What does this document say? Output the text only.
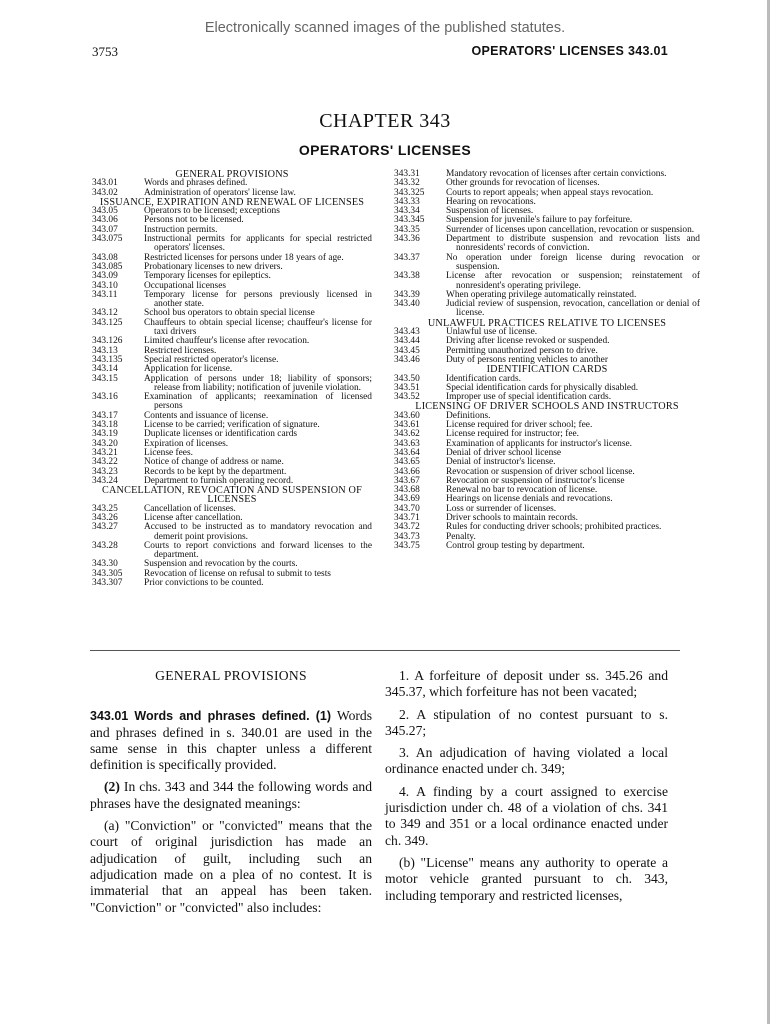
Electronically scanned images of the published statutes.
3753	OPERATORS' LICENSES 343.01
CHAPTER 343
OPERATORS' LICENSES
GENERAL PROVISIONS
343.01	Words and phrases defined.
343.02	Administration of operators' license law.
ISSUANCE, EXPIRATION AND RENEWAL OF LICENSES
343.05	Operators to be licensed; exceptions
343.06	Persons not to be licensed.
343.07	Instruction permits.
343.075	Instructional permits for applicants for special restricted operators' licenses.
343.08	Restricted licenses for persons under 18 years of age.
343.085	Probationary licenses to new drivers.
343.09	Temporary licenses for epileptics.
343.10	Occupational licenses
343.11	Temporary license for persons previously licensed in another state.
343.12	School bus operators to obtain special license
343.125	Chauffeurs to obtain special license; chauffeur's license for taxi drivers
343.126	Limited chauffeur's license after revocation.
343.13	Restricted licenses.
343.135	Special restricted operator's license.
343.14	Application for license.
343.15	Application of persons under 18; liability of sponsors; release from liability; notification of juvenile violation.
343.16	Examination of applicants; reexamination of licensed persons
343.17	Contents and issuance of license.
343.18	License to be carried; verification of signature.
343.19	Duplicate licenses or identification cards
343.20	Expiration of licenses.
343.21	License fees.
343.22	Notice of change of address or name.
343.23	Records to be kept by the department.
343.24	Department to furnish operating record.
CANCELLATION, REVOCATION AND SUSPENSION OF LICENSES
343.25	Cancellation of licenses.
343.26	License after cancellation.
343.27	Accused to be instructed as to mandatory revocation and demerit point provisions.
343.28	Courts to report convictions and forward licenses to the department.
343.30	Suspension and revocation by the courts.
343.305	Revocation of license on refusal to submit to tests
343.307	Prior convictions to be counted.
343.31	Mandatory revocation of licenses after certain convictions.
343.32	Other grounds for revocation of licenses.
343.325	Courts to report appeals; when appeal stays revocation.
343.33	Hearing on revocations.
343.34	Suspension of licenses.
343.345	Suspension for juvenile's failure to pay forfeiture.
343.35	Surrender of licenses upon cancellation, revocation or suspension.
343.36	Department to distribute suspension and revocation lists and nonresidents' records of conviction.
343.37	No operation under foreign license during revocation or suspension.
343.38	License after revocation or suspension; reinstatement of nonresident's operating privilege.
343.39	When operating privilege automatically reinstated.
343.40	Judicial review of suspension, revocation, cancellation or denial of license.
UNLAWFUL PRACTICES RELATIVE TO LICENSES
343.43	Unlawful use of license.
343.44	Driving after license revoked or suspended.
343.45	Permitting unauthorized person to drive.
343.46	Duty of persons renting vehicles to another
IDENTIFICATION CARDS
343.50	Identification cards.
343.51	Special identification cards for physically disabled.
343.52	Improper use of special identification cards.
LICENSING OF DRIVER SCHOOLS AND INSTRUCTORS
343.60	Definitions.
343.61	License required for driver school; fee.
343.62	License required for instructor; fee.
343.63	Examination of applicants for instructor's license.
343.64	Denial of driver school license
343.65	Denial of instructor's license.
343.66	Revocation or suspension of driver school license.
343.67	Revocation or suspension of instructor's license
343.68	Renewal no bar to revocation of license.
343.69	Hearings on license denials and revocations.
343.70	Loss or surrender of licenses.
343.71	Driver schools to maintain records.
343.72	Rules for conducting driver schools; prohibited practices.
343.73	Penalty.
343.75	Control group testing by department.

GENERAL PROVISIONS

343.01 Words and phrases defined. (1) Words and phrases defined in s. 340.01 are used in the same sense in this chapter unless a different definition is specifically provided.

(2) In chs. 343 and 344 the following words and phrases have the designated meanings:

(a) "Conviction" or "convicted" means that the court of original jurisdiction has made an adjudication of guilt, including such an adjudication made on a plea of no contest. It is immaterial that an appeal has been taken. "Conviction" or "convicted" also includes:

1. A forfeiture of deposit under ss. 345.26 and 345.37, which forfeiture has not been vacated;

2. A stipulation of no contest pursuant to s. 345.27;

3. An adjudication of having violated a local ordinance enacted under ch. 349;

4. A finding by a court assigned to exercise jurisdiction under ch. 48 of a violation of chs. 341 to 349 and 351 or a local ordinance enacted under ch. 349.

(b) "License" means any authority to operate a motor vehicle granted pursuant to ch. 343, including temporary and restricted licenses,
